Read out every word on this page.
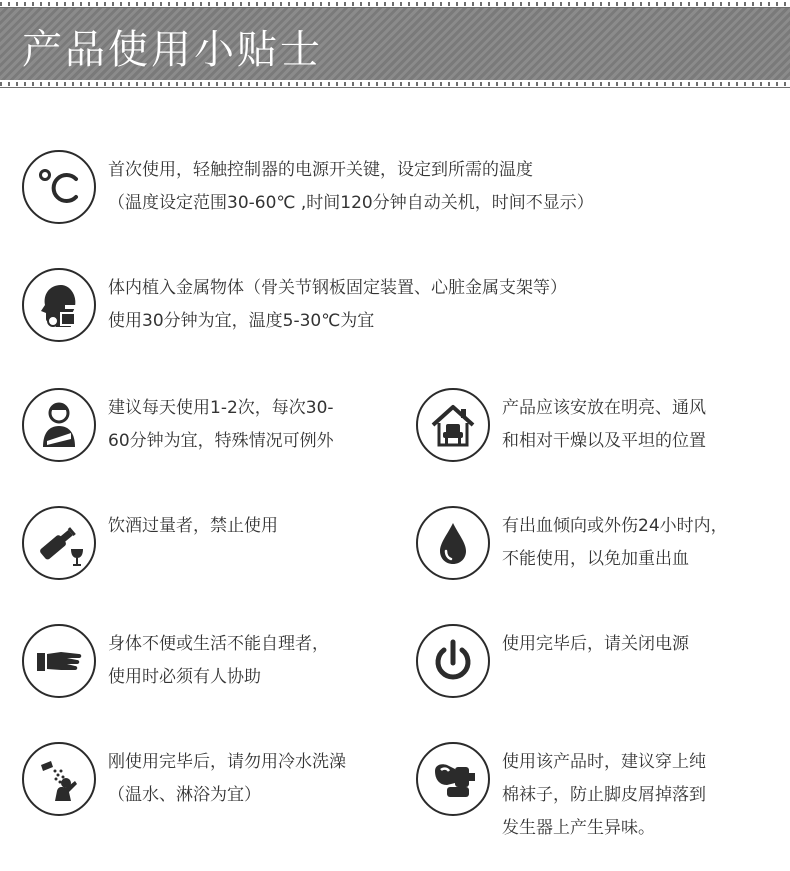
产品使用小贴士
首次使用，轻触控制器的电源开关键，设定到所需的温度
（温度设定范围30-60℃ ,时间120分钟自动关机，时间不显示）
体内植入金属物体（骨关节钢板固定装置、心脏金属支架等）
使用30分钟为宜，温度5-30℃为宜
建议每天使用1-2次，每次30-
60分钟为宜，特殊情况可例外
产品应该安放在明亮、通风
和相对干燥以及平坦的位置
饮酒过量者，禁止使用	有出血倾向或外伤24小时内，
不能使用，以免加重出血
身体不便或生活不能自理者，
使用时必须有人协助
使用完毕后，请关闭电源
刚使用完毕后，请勿用冷水洗澡
（温水、淋浴为宜）
使用该产品时，建议穿上纯
棉袜子，防止脚皮屑掉落到
发生器上产生异味。
